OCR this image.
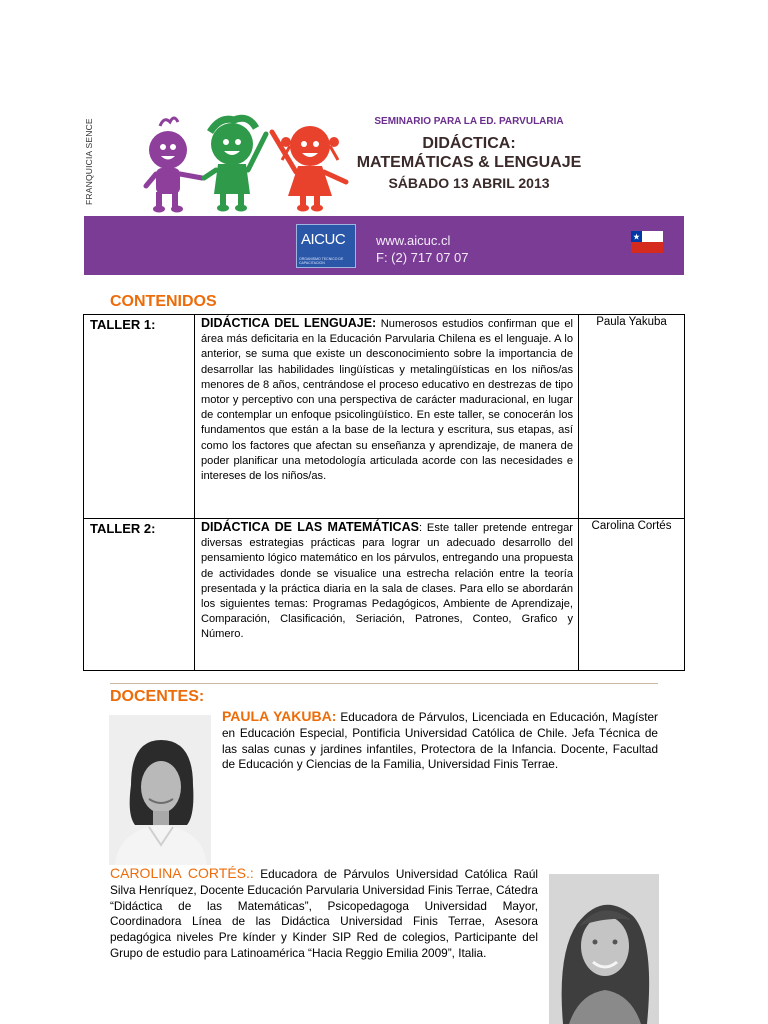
FRANQUICIA SENCE	SEMINARIO PARA LA ED. PARVULARIA
DIDÁCTICA:
MATEMÁTICAS & LENGUAJE
SÁBADO 13 ABRIL 2013
AICUC
ORGANISMO TECNICO DE CAPACITACION
www.aicuc.cl
F: (2) 717 07 07
CONTENIDOS
TALLER 1:	DIDÁCTICA DEL LENGUAJE: Numerosos estudios confirman que el área más deficitaria en la Educación Parvularia Chilena es el lenguaje. A lo anterior, se suma que existe un desconocimiento sobre la importancia de desarrollar las habilidades lingüísticas y metalingüísticas en los niños/as menores de 8 años, centrándose el proceso educativo en destrezas de tipo motor y perceptivo con una perspectiva de carácter maduracional, en lugar de contemplar un enfoque psicolingüístico. En este taller, se conocerán los fundamentos que están a la base de la lectura y escritura, sus etapas, así como los factores que afectan su enseñanza y aprendizaje, de manera de poder planificar una metodología articulada acorde con las necesidades e intereses de los niños/as.	Paula Yakuba
TALLER 2:	DIDÁCTICA DE LAS MATEMÁTICAS: Este taller pretende entregar diversas estrategias prácticas para lograr un adecuado desarrollo del pensamiento lógico matemático en los párvulos, entregando una propuesta de actividades donde se visualice una estrecha relación entre la teoría presentada y la práctica diaria en la sala de clases. Para ello se abordarán los siguientes temas: Programas Pedagógicos, Ambiente de Aprendizaje, Comparación, Clasificación, Seriación, Patrones, Conteo, Grafico y Número.	Carolina Cortés
DOCENTES:
PAULA YAKUBA: Educadora de Párvulos, Licenciada en Educación, Magíster en Educación Especial, Pontificia Universidad Católica de Chile. Jefa Técnica de las salas cunas y jardines infantiles, Protectora de la Infancia. Docente, Facultad de Educación y Ciencias de la Familia, Universidad Finis Terrae.
CAROLINA CORTÉS.: Educadora de Párvulos Universidad Católica Raúl Silva Henríquez, Docente Educación Parvularia Universidad Finis Terrae, Cátedra “Didáctica de las Matemáticas”, Psicopedagoga Universidad Mayor, Coordinadora Línea de las Didáctica Universidad Finis Terrae, Asesora pedagógica niveles Pre kínder y Kinder SIP Red de colegios, Participante del Grupo de estudio para Latinoamérica “Hacia Reggio Emilia 2009”, Italia.
